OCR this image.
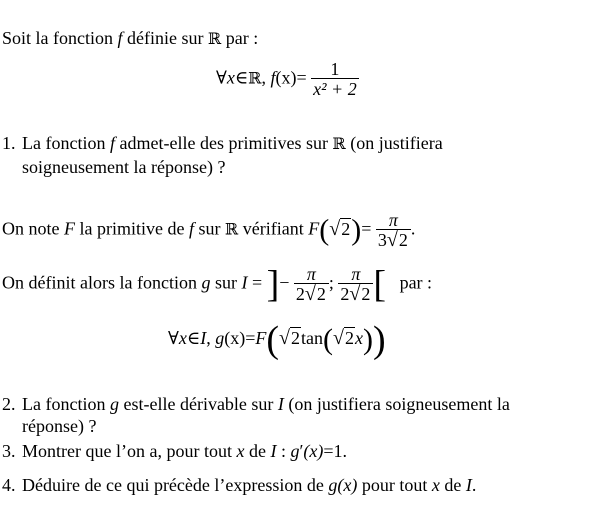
Soit la fonction f définie sur ℝ par :
∀x∈ℝ, $f(x)= \frac{1}{\text{x² + 2}}$
1. La fonction f admet-elle des primitives sur ℝ (on justifiera
soigneusement la réponse) ?
On note F la primitive de f sur ℝ vérifiant $F(√2)= \frac{\pi}{3√2}$ .
On définit alors la fonction g sur I = ]− $\frac{\pi}{2√2}$ ; $\frac{\pi}{2√2}$ [ par :
∀x∈I, g(x)=F(√2tan(√2x))
2. La fonction g est-elle dérivable sur I (on justifiera soigneusement la
réponse) ?
3. Montrer que l’on a, pour tout x de I : g′(x)=1.
4. Déduire de ce qui précède l’expression de g(x) pour tout x de I.
